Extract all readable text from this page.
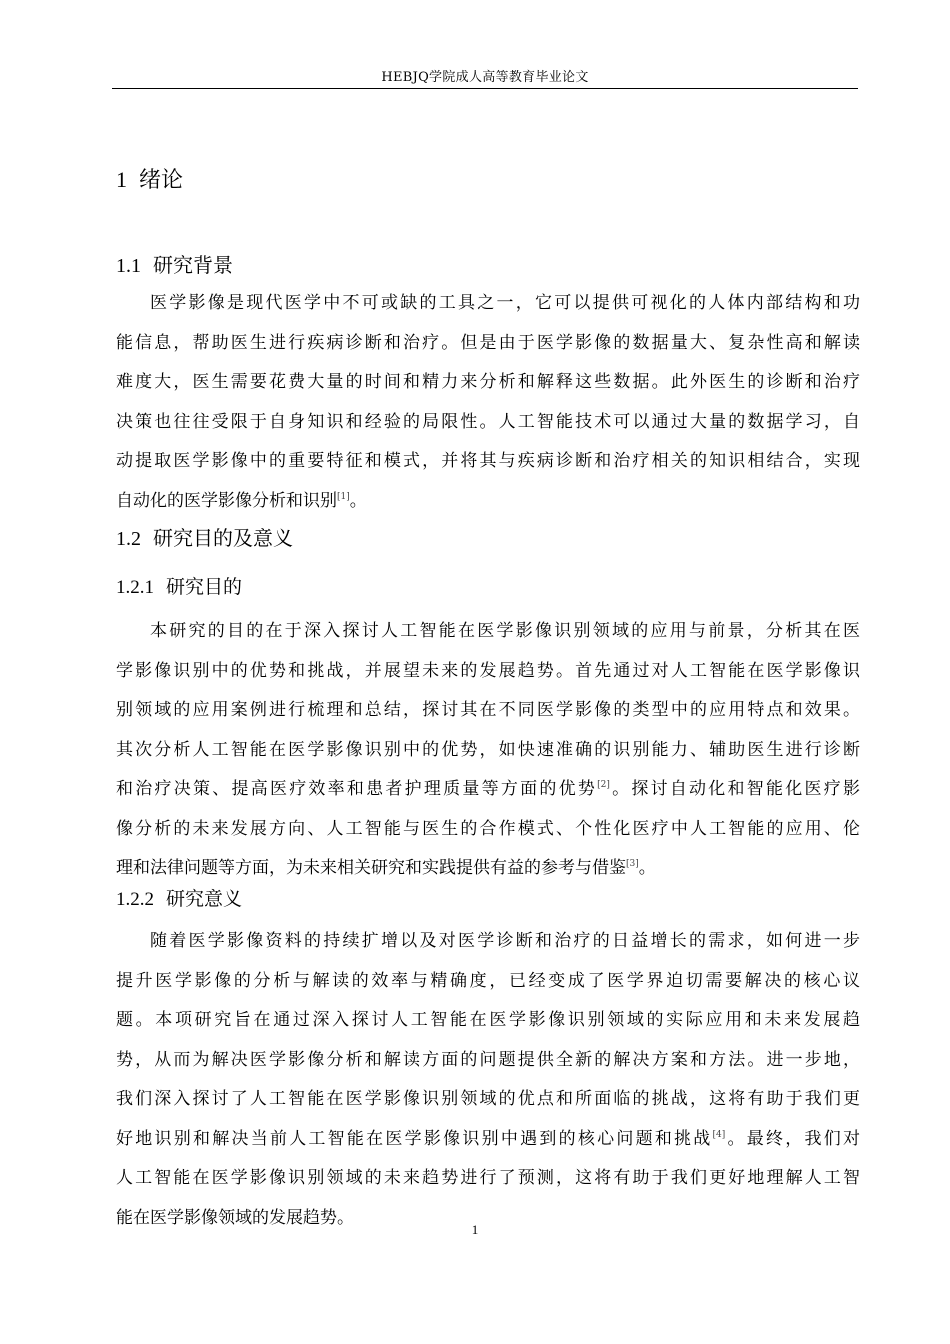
HEBJQ学院成人高等教育毕业论文
1 绪论
1.1 研究背景
医学影像是现代医学中不可或缺的工具之一，它可以提供可视化的人体内部结构和功
能信息，帮助医生进行疾病诊断和治疗。但是由于医学影像的数据量大、复杂性高和解读
难度大，医生需要花费大量的时间和精力来分析和解释这些数据。此外医生的诊断和治疗
决策也往往受限于自身知识和经验的局限性。人工智能技术可以通过大量的数据学习，自
动提取医学影像中的重要特征和模式，并将其与疾病诊断和治疗相关的知识相结合，实现
自动化的医学影像分析和识别[1]。
1.2 研究目的及意义
1.2.1 研究目的
本研究的目的在于深入探讨人工智能在医学影像识别领域的应用与前景，分析其在医
学影像识别中的优势和挑战，并展望未来的发展趋势。首先通过对人工智能在医学影像识
别领域的应用案例进行梳理和总结，探讨其在不同医学影像的类型中的应用特点和效果。
其次分析人工智能在医学影像识别中的优势，如快速准确的识别能力、辅助医生进行诊断
和治疗决策、提高医疗效率和患者护理质量等方面的优势[2]。探讨自动化和智能化医疗影
像分析的未来发展方向、人工智能与医生的合作模式、个性化医疗中人工智能的应用、伦
理和法律问题等方面，为未来相关研究和实践提供有益的参考与借鉴[3]。
1.2.2 研究意义
随着医学影像资料的持续扩增以及对医学诊断和治疗的日益增长的需求，如何进一步
提升医学影像的分析与解读的效率与精确度，已经变成了医学界迫切需要解决的核心议
题。本项研究旨在通过深入探讨人工智能在医学影像识别领域的实际应用和未来发展趋
势，从而为解决医学影像分析和解读方面的问题提供全新的解决方案和方法。进一步地，
我们深入探讨了人工智能在医学影像识别领域的优点和所面临的挑战，这将有助于我们更
好地识别和解决当前人工智能在医学影像识别中遇到的核心问题和挑战[4]。最终，我们对
人工智能在医学影像识别领域的未来趋势进行了预测，这将有助于我们更好地理解人工智
能在医学影像领域的发展趋势。
1
